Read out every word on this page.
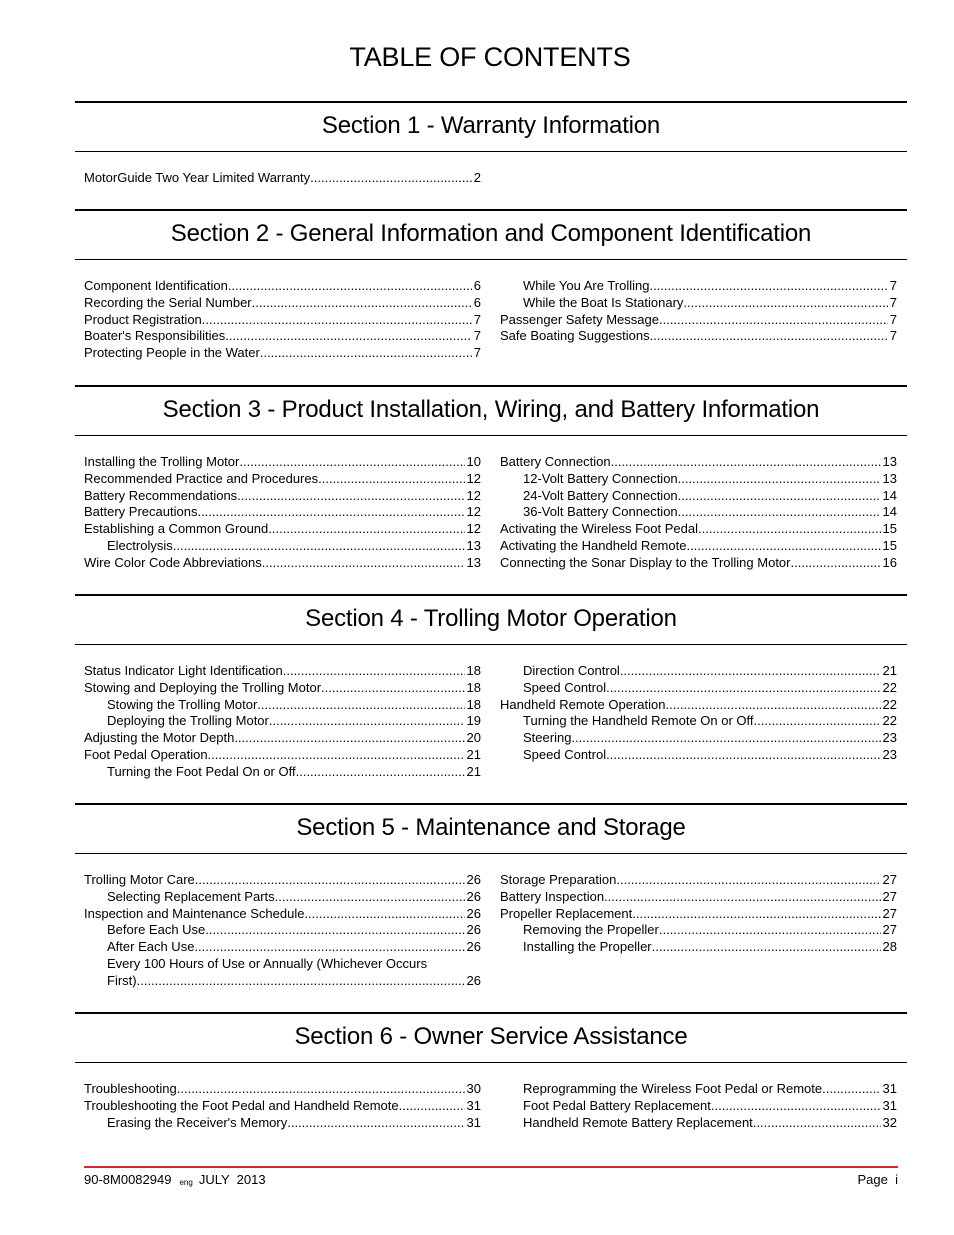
TABLE OF CONTENTS
Section 1 - Warranty Information
MotorGuide Two Year Limited Warranty .....	2
Section 2 - General Information and Component Identification
Component Identification .....	6
Recording the Serial Number .....	6
Product Registration .....	7
Boater's Responsibilities .....	7
Protecting People in the Water .....	7
While You Are Trolling .....	7
While the Boat Is Stationary .....	7
Passenger Safety Message .....	7
Safe Boating Suggestions .....	7
Section 3 - Product Installation, Wiring, and Battery Information
Installing the Trolling Motor .....	10
Recommended Practice and Procedures .....	12
Battery Recommendations .....	12
Battery Precautions .....	12
Establishing a Common Ground .....	12
Electrolysis .....	13
Wire Color Code Abbreviations .....	13
Battery Connection .....	13
12-Volt Battery Connection .....	13
24-Volt Battery Connection .....	14
36-Volt Battery Connection .....	14
Activating the Wireless Foot Pedal .....	15
Activating the Handheld Remote .....	15
Connecting the Sonar Display to the Trolling Motor .....	16
Section 4 - Trolling Motor Operation
Status Indicator Light Identification .....	18
Stowing and Deploying the Trolling Motor .....	18
Stowing the Trolling Motor .....	18
Deploying the Trolling Motor .....	19
Adjusting the Motor Depth .....	20
Foot Pedal Operation .....	21
Turning the Foot Pedal On or Off .....	21
Direction Control .....	21
Speed Control .....	22
Handheld Remote Operation .....	22
Turning the Handheld Remote On or Off .....	22
Steering .....	23
Speed Control .....	23
Section 5 - Maintenance and Storage
Trolling Motor Care .....	26
Selecting Replacement Parts .....	26
Inspection and Maintenance Schedule .....	26
Before Each Use .....	26
After Each Use .....	26
Every 100 Hours of Use or Annually (Whichever Occurs
First) .....	26
Storage Preparation .....	27
Battery Inspection .....	27
Propeller Replacement .....	27
Removing the Propeller .....	27
Installing the Propeller .....	28
Section 6 - Owner Service Assistance
Troubleshooting .....	30
Troubleshooting the Foot Pedal and Handheld Remote .....	31
Erasing the Receiver's Memory .....	31
Reprogramming the Wireless Foot Pedal or Remote .....	31
Foot Pedal Battery Replacement .....	31
Handheld Remote Battery Replacement .....	32
90-8M0082949 eng JULY  2013	Page  i
